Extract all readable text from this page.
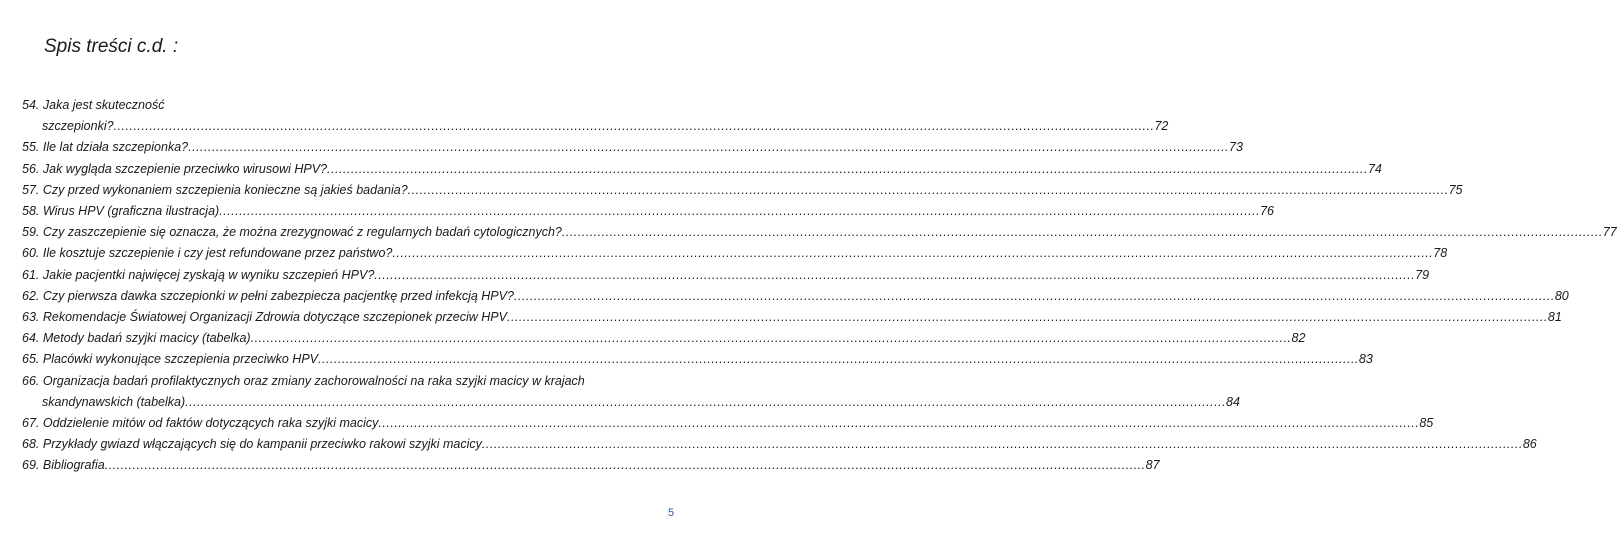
Spis treści c.d. :
54.
Jaka jest skuteczność
szczepionki? .....	72
55.
Ile lat działa szczepionka? .....	73
56.
Jak wygląda szczepienie przeciwko wirusowi HPV? .....	74
57.
Czy przed wykonaniem szczepienia konieczne są jakieś badania? .....	75
58.
Wirus HPV (graficzna ilustracja) .....	76
59.
Czy zaszczepienie się oznacza, że można zrezygnować z regularnych badań cytologicznych? .....	77
60.
Ile kosztuje szczepienie i czy jest refundowane przez państwo? .....	78
61.
Jakie pacjentki najwięcej zyskają w wyniku szczepień HPV? .....	79
62.
Czy pierwsza dawka szczepionki w pełni zabezpiecza pacjentkę przed infekcją HPV? .....	80
63.
Rekomendacje Światowej Organizacji Zdrowia dotyczące szczepionek przeciw HPV .....	81
64.
Metody badań szyjki macicy (tabelka) .....	82
65.
Placówki wykonujące szczepienia przeciwko HPV .....	83
66.
Organizacja badań profilaktycznych oraz zmiany zachorowalności na raka szyjki macicy w krajach
skandynawskich (tabelka) .....	84
67.
Oddzielenie mitów od faktów dotyczących raka szyjki macicy .....	85
68.
Przykłady gwiazd włączających się do kampanii przeciwko rakowi szyjki macicy .....	86
69.
Bibliografia .....	87
5
